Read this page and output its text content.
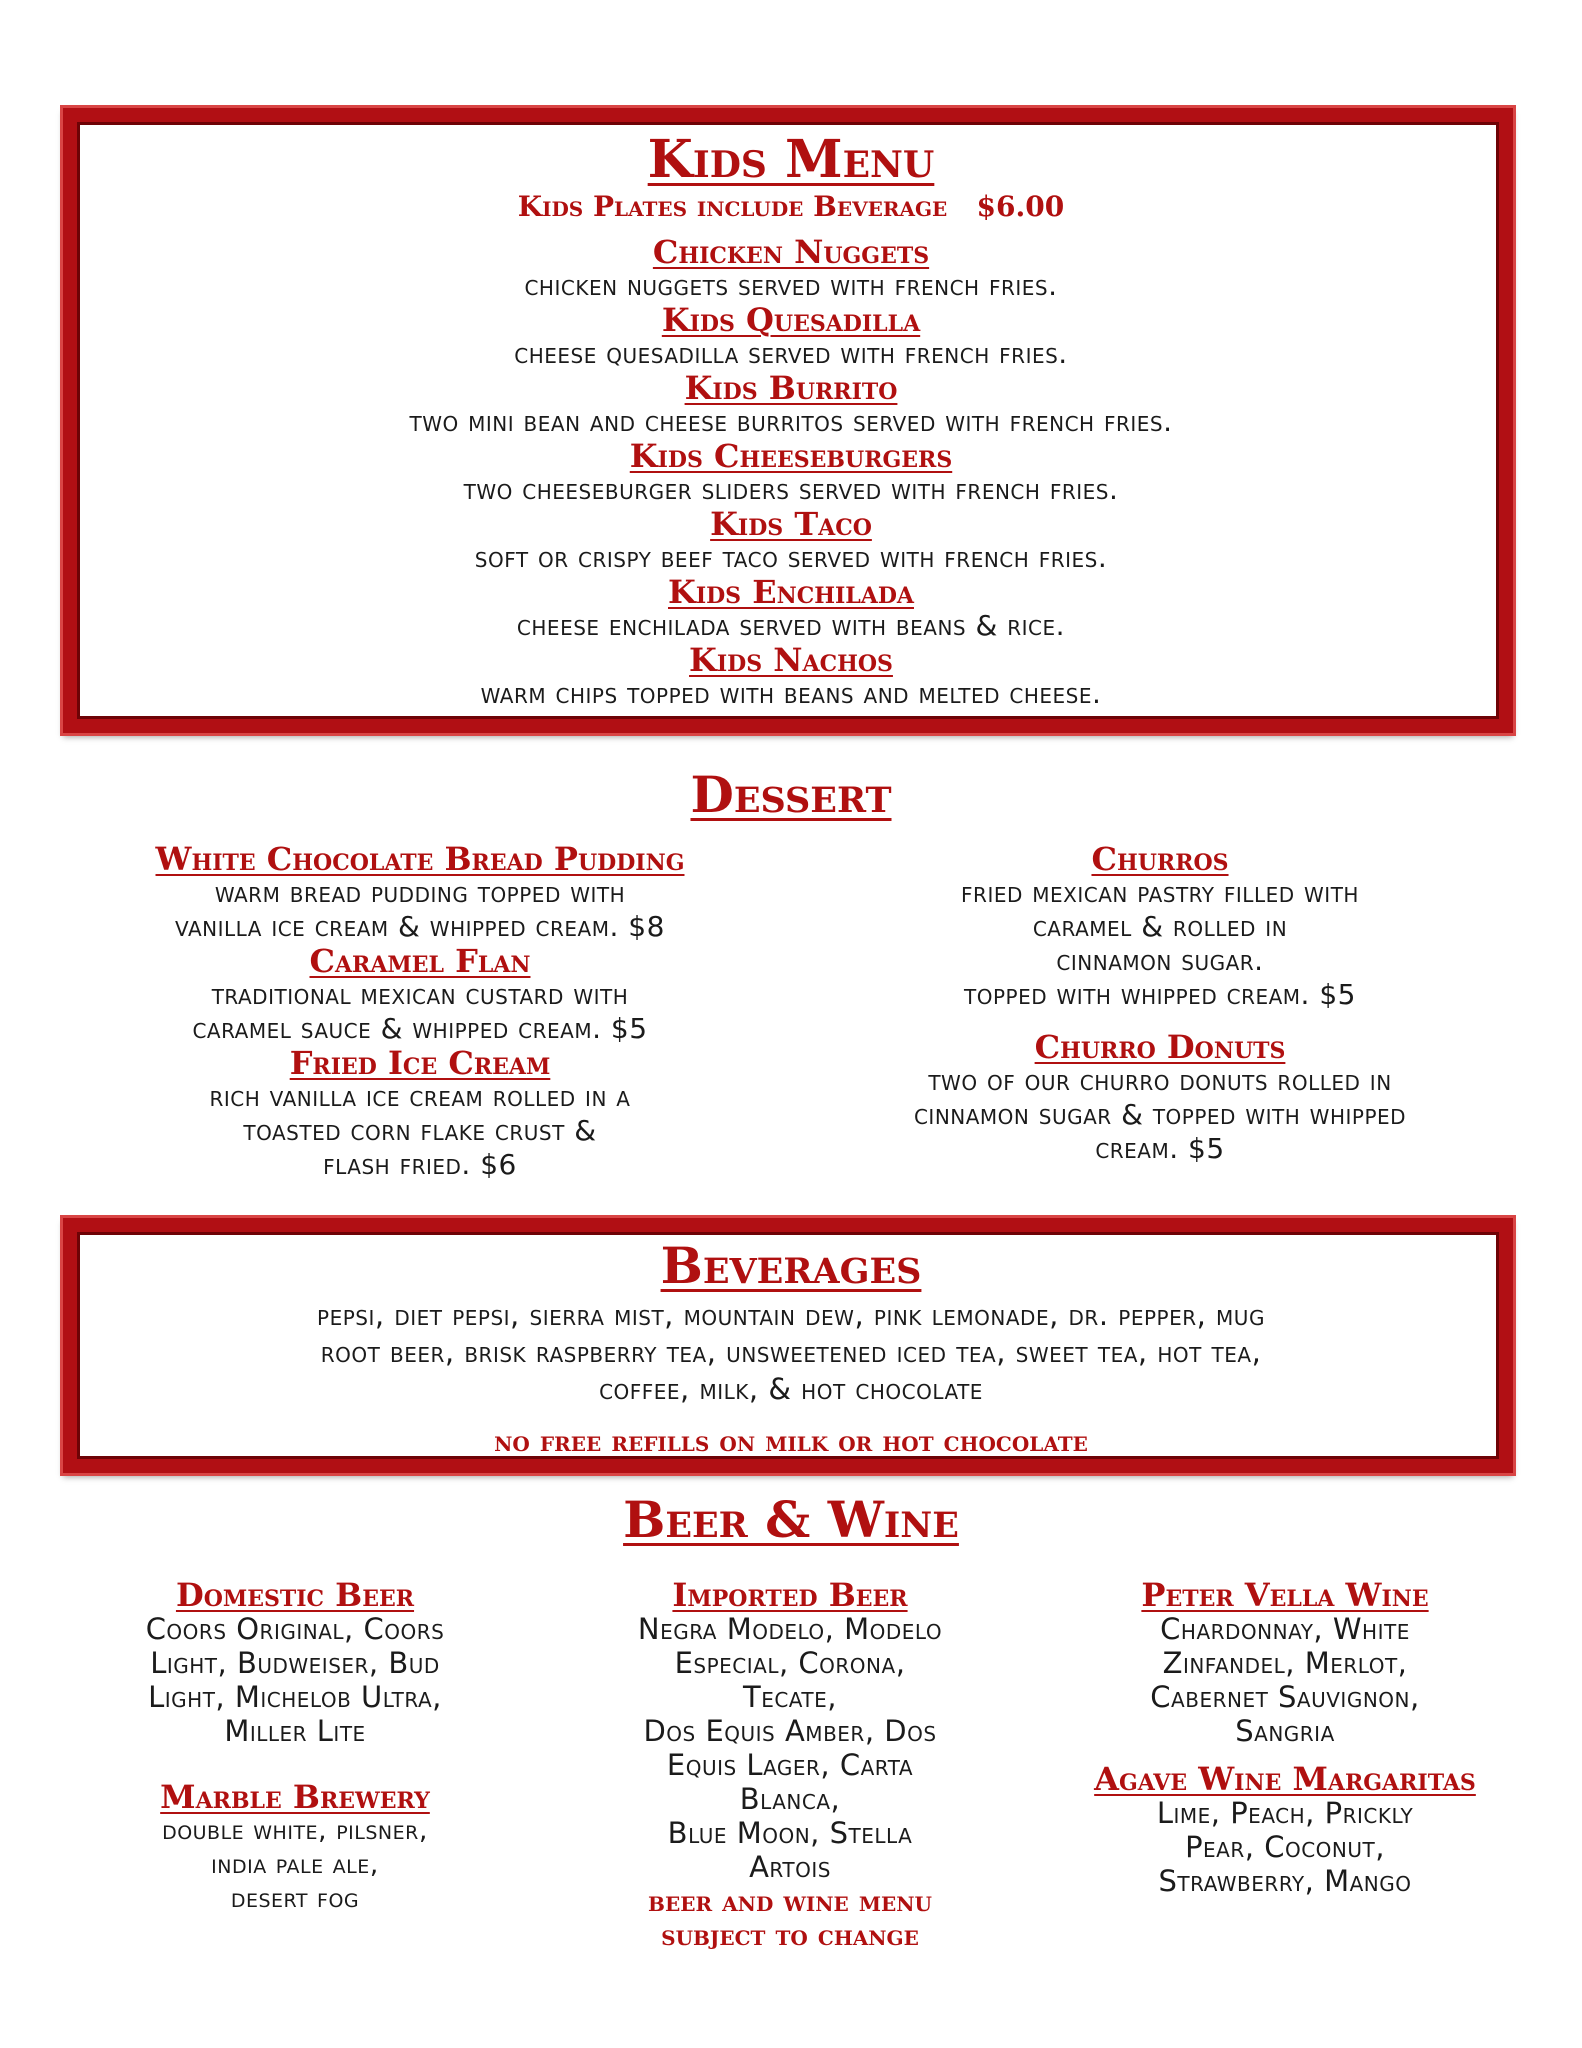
Kids Menu
Kids Plates include Beverage   $6.00
Chicken Nuggets
chicken nuggets served with french fries.
Kids Quesadilla
cheese quesadilla served with french fries.
Kids Burrito
two mini bean and cheese burritos served with french fries.
Kids Cheeseburgers
two cheeseburger sliders served with french fries.
Kids Taco
soft or crispy beef taco served with french fries.
Kids Enchilada
cheese enchilada served with beans & rice.
Kids Nachos
warm chips topped with beans and melted cheese.
Dessert
White Chocolate Bread Pudding
warm bread pudding topped with
vanilla ice cream & whipped cream. $8
Caramel Flan
traditional mexican custard with
caramel sauce & whipped cream. $5
Fried Ice Cream
rich vanilla ice cream rolled in a
toasted corn flake crust &
flash fried. $6
Churros
fried mexican pastry filled with
caramel & rolled in
cinnamon sugar.
topped with whipped cream. $5
Churro Donuts
two of our churro donuts rolled in
cinnamon sugar & topped with whipped
cream. $5
Beverages
pepsi, diet pepsi, sierra mist, mountain dew, pink lemonade, dr. pepper, mug
root beer, brisk raspberry tea, unsweetened iced tea, sweet tea, hot tea,
coffee, milk, & hot chocolate
no free refills on milk or hot chocolate
Beer & Wine
Domestic Beer
Coors Original, Coors
Light, Budweiser, Bud
Light, Michelob Ultra,
Miller Lite
Marble Brewery
double white, pilsner,
india pale ale,
desert fog
Imported Beer
Negra Modelo, Modelo
Especial, Corona,
Tecate,
Dos Equis Amber, Dos
Equis Lager, Carta
Blanca,
Blue Moon, Stella
Artois
beer and wine menu
subject to change
Peter Vella Wine
Chardonnay, White
Zinfandel, Merlot,
Cabernet Sauvignon,
Sangria
Agave Wine Margaritas
Lime, Peach, Prickly
Pear, Coconut,
Strawberry, Mango
